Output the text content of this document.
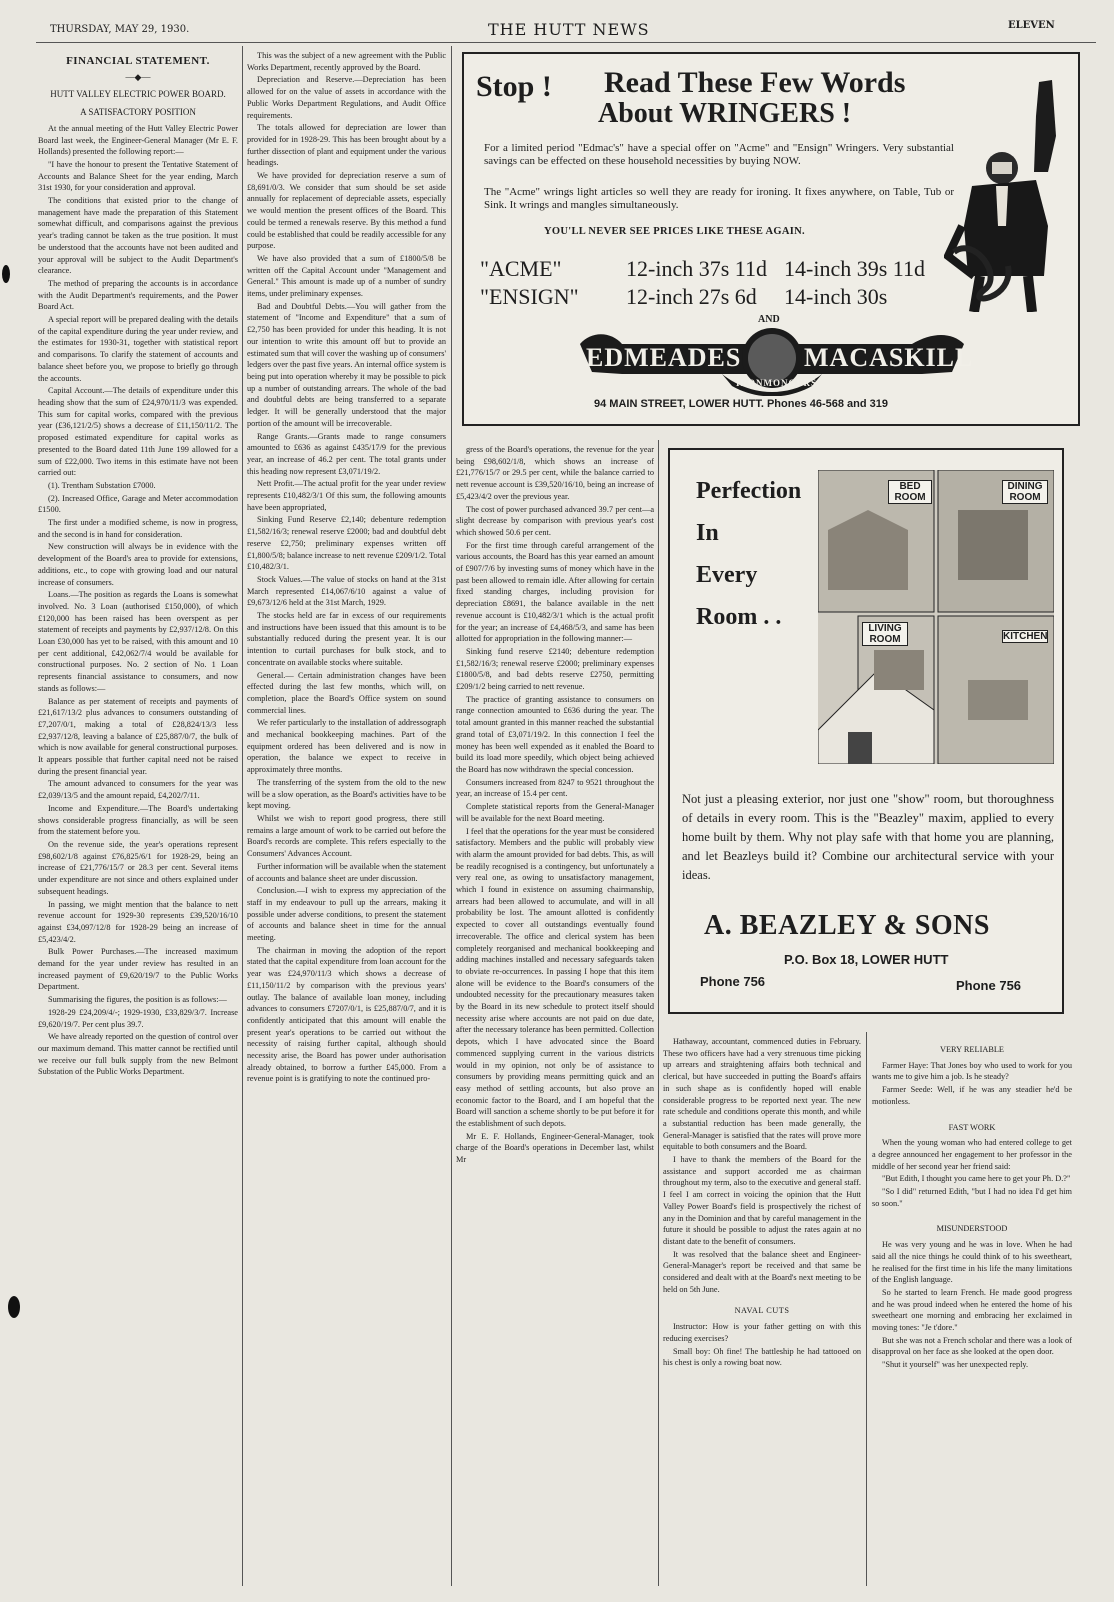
THURSDAY, MAY 29, 1930.	THE HUTT NEWS	ELEVEN
FINANCIAL STATEMENT.
—◆—
HUTT VALLEY ELECTRIC POWER BOARD.
A SATISFACTORY POSITION

At the annual meeting of the Hutt Valley Electric Power Board last week, the Engineer-General Manager (Mr E. F. Hollands) presented the following report:—

"I have the honour to present the Tentative Statement of Accounts and Balance Sheet for the year ending, March 31st 1930, for your consideration and approval.

The conditions that existed prior to the change of management have made the preparation of this Statement somewhat difficult, and comparisons against the previous year's trading cannot be taken as the true position. It must be understood that the accounts have not been audited and your approval will be subject to the Audit Department's clearance.

The method of preparing the accounts is in accordance with the Audit Department's requirements, and the Power Board Act.

A special report will be prepared dealing with the details of the capital expenditure during the year under review, and the estimates for 1930-31, together with statistical report and comparisons. To clarify the statement of accounts and balance sheet before you, we propose to briefly go through the accounts.

Capital Account.—The details of expenditure under this heading show that the sum of £24,970/11/3 was expended. This sum for capital works, compared with the previous year (£36,121/2/5) shows a decrease of £11,150/11/2. The proposed estimated expenditure for capital works as presented to the Board dated 11th June 199 allowed for a sum of £22,000. Two items in this estimate have not been carried out:

(1). Trentham Substation £7000.

(2). Increased Office, Garage and Meter accommodation £1500.

The first under a modified scheme, is now in progress, and the second is in hand for consideration.

New construction will always be in evidence with the development of the Board's area to provide for extensions, additions, etc., to cope with growing load and our natural increase of consumers.

Loans.—The position as regards the Loans is somewhat involved. No. 3 Loan (authorised £150,000), of which £120,000 has been raised has been overspent as per statement of receipts and payments by £2,937/12/8. On this Loan £30,000 has yet to be raised, with this amount and 10 per cent additional, £42,062/7/4 would be available for constructional purposes. No. 2 section of No. 1 Loan represents financial assistance to consumers, and now stands as follows:—

Balance as per statement of receipts and payments of £21,617/13/2 plus advances to consumers outstanding of £7,207/0/1, making a total of £28,824/13/3 less £2,937/12/8, leaving a balance of £25,887/0/7, the bulk of which is now available for general constructional purposes. It appears possible that further capital need not be raised during the present financial year.

The amount advanced to consumers for the year was £2,039/13/5 and the amount repaid, £4,202/7/11.

Income and Expenditure.—The Board's undertaking shows considerable progress financially, as will be seen from the statement before you.

On the revenue side, the year's operations represent £98,602/1/8 against £76,825/6/1 for 1928-29, being an increase of £21,776/15/7 or 28.3 per cent. Several items under expenditure are not since and others explained under subsequent headings.

In passing, we might mention that the balance to nett revenue account for 1929-30 represents £39,520/16/10 against £34,097/12/8 for 1928-29 being an increase of £5,423/4/2.

Bulk Power Purchases.—The increased maximum demand for the year under review has resulted in an increased payment of £9,620/19/7 to the Public Works Department.

Summarising the figures, the position is as follows:—

1928-29 £24,209/4/-; 1929-1930, £33,829/3/7. Increase £9,620/19/7. Per cent plus 39.7.

We have already reported on the question of control over our maximum demand. This matter cannot be rectified until we receive our full bulk supply from the new Belmont Substation of the Public Works Department.

This was the subject of a new agreement with the Public Works Department, recently approved by the Board.

Depreciation and Reserve.—Depreciation has been allowed for on the value of assets in accordance with the Public Works Department Regulations, and Audit Office requirements.

The totals allowed for depreciation are lower than provided for in 1928-29. This has been brought about by a further dissection of plant and equipment under the various headings.

We have provided for depreciation reserve a sum of £8,691/0/3. We consider that sum should be set aside annually for replacement of depreciable assets, especially we would mention the present offices of the Board. This could be termed a renewals reserve. By this method a fund could be established that could be readily accessible for any purpose.

We have also provided that a sum of £1800/5/8 be written off the Capital Account under "Management and General." This amount is made up of a number of sundry items, under preliminary expenses.

Bad and Doubtful Debts.—You will gather from the statement of "Income and Expenditure" that a sum of £2,750 has been provided for under this heading. It is not our intention to write this amount off but to provide an estimated sum that will cover the washing up of consumers' ledgers over the past five years. An internal office system is being put into operation whereby it may be possible to pick up a number of outstanding arrears. The whole of the bad and doubtful debts are being transferred to a separate ledger. It will be generally understood that the major portion of the amount will be irrecoverable.

Range Grants.—Grants made to range consumers amounted to £636 as against £435/17/9 for the previous year, an increase of 46.2 per cent. The total grants under this heading now represent £3,071/19/2.

Nett Profit.—The actual profit for the year under review represents £10,482/3/1 Of this sum, the following amounts have been appropriated,

Sinking Fund Reserve £2,140; debenture redemption £1,582/16/3; renewal reserve £2000; bad and doubtful debt reserve £2,750; preliminary expenses written off £1,800/5/8; balance increase to nett revenue £209/1/2. Total £10,482/3/1.

Stock Values.—The value of stocks on hand at the 31st March represented £14,067/6/10 against a value of £9,673/12/6 held at the 31st March, 1929.

The stocks held are far in excess of our requirements and instructions have been issued that this amount is to be substantially reduced during the present year. It is our intention to curtail purchases for bulk stock, and to concentrate on available stocks where suitable.

General.— Certain administration changes have been effected during the last few months, which will, on completion, place the Board's Office system on sound commercial lines.

We refer particularly to the installation of addressograph and mechanical bookkeeping machines. Part of the equipment ordered has been delivered and is now in operation, the balance we expect to receive in approximately three months.

The transferring of the system from the old to the new will be a slow operation, as the Board's activities have to be kept moving.

Whilst we wish to report good progress, there still remains a large amount of work to be carried out before the Board's records are complete. This refers especially to the Consumers' Advances Account.

Further information will be available when the statement of accounts and balance sheet are under discussion.

Conclusion.—I wish to express my appreciation of the staff in my endeavour to pull up the arrears, making it possible under adverse conditions, to present the statement of accounts and balance sheet in time for the annual meeting.

The chairman in moving the adoption of the report stated that the capital expenditure from loan account for the year was £24,970/11/3 which shows a decrease of £11,150/11/2 by comparison with the previous years' outlay. The balance of available loan money, including advances to consumers £7207/0/1, is £25,887/0/7, and it is confidently anticipated that this amount will enable the present year's operations to be carried out without the necessity of raising further capital, although should necessity arise, the Board has power under authorisation already obtained, to borrow a further £45,000. From a revenue point is is gratifying to note the continued pro-

Stop ! Read These Few Words
About WRINGERS !
For a limited period "Edmac's" have a special offer on "Acme" and "Ensign" Wringers. Very substantial savings can be effected on these household necessities by buying NOW.
The "Acme" wrings light articles so well they are ready for ironing. It fixes anywhere, on Table, Tub or Sink. It wrings and mangles simultaneously.
YOU'LL NEVER SEE PRICES LIKE THESE AGAIN.
"ACME"	12-inch 37s 11d 14-inch 39s 11d
"ENSIGN" 12-inch 27s 6d 14-inch 30s
AND
EDMEADES MACASKILL
IRONMONGERS
94 MAIN STREET, LOWER HUTT. Phones 46-568 and 319

gress of the Board's operations, the revenue for the year being £98,602/1/8, which shows an increase of £21,776/15/7 or 29.5 per cent, while the balance carried to nett revenue account is £39,520/16/10, being an increase of £5,423/4/2 over the previous year.

The cost of power purchased advanced 39.7 per cent—a slight decrease by comparison with previous year's cost which showed 50.6 per cent.

For the first time through careful arrangement of the various accounts, the Board has this year earned an amount of £907/7/6 by investing sums of money which have in the past been allowed to remain idle. After allowing for certain fixed standing charges, including provision for depreciation £8691, the balance available in the nett revenue account is £10,482/3/1 which is the actual profit for the year; an increase of £4,468/5/3, and same has been allotted for appropriation in the following manner:—

Sinking fund reserve £2140; debenture redemption £1,582/16/3; renewal reserve £2000; preliminary expenses £1800/5/8, and bad debts reserve £2750, permitting £209/1/2 being carried to nett revenue.

The practice of granting assistance to consumers on range connection amounted to £636 during the year. The total amount granted in this manner reached the substantial grand total of £3,071/19/2. In this connection I feel the money has been well expended as it enabled the Board to build its load more speedily, which object being achieved the Board has now withdrawn the special concession.

Consumers increased from 8247 to 9521 throughout the year, an increase of 15.4 per cent.

Complete statistical reports from the General-Manager will be available for the next Board meeting.

I feel that the operations for the year must be considered satisfactory. Members and the public will probably view with alarm the amount provided for bad debts. This, as will be readily recognised is a contingency, but unfortunately a very real one, as owing to unsatisfactory management, which I found in existence on assuming chairmanship, arrears had been allowed to accumulate, and will in all probability be lost. The amount allotted is confidently expected to cover all outstandings eventually found irrecoverable. The office and clerical system has been completely reorganised and mechanical bookkeeping and adding machines installed and necessary safeguards taken to obviate re-occurrences. In passing I hope that this item alone will be evidence to the Board's consumers of the undoubted necessity for the precautionary measures taken by the Board in its new schedule to protect itself should necessity arise where accounts are not paid on due date, after the necessary tolerance has been permitted. Collection depots, which I have advocated since the Board commenced supplying current in the various districts would in my opinion, not only be of assistance to consumers by providing means permitting quick and an easy method of settling accounts, but also prove an economic factor to the Board, and I am hopeful that the Board will sanction a scheme shortly to be put before it for the establishment of such depots.

Mr E. F. Hollands, Engineer-General-Manager, took charge of the Board's operations in December last, whilst Mr

Perfection
In
Every
Room . .
BED ROOM
DINING ROOM
LIVING ROOM	KITCHEN
Not just a pleasing exterior, nor just one "show" room, but thoroughness of details in every room. This is the "Beazley" maxim, applied to every home built by them. Why not play safe with that home you are planning, and let Beazleys build it? Combine our architectural service with your ideas.
A. BEAZLEY & SONS
P.O. Box 18, LOWER HUTT
Phone 756	Phone 756

Hathaway, accountant, commenced duties in February. These two officers have had a very strenuous time picking up arrears and straightening affairs both technical and clerical, but have succeeded in putting the Board's affairs in such shape as is confidently hoped will enable considerable progress to be reported next year. The new rate schedule and conditions operate this month, and while a substantial reduction has been made generally, the General-Manager is satisfied that the rates will prove more equitable to both consumers and the Board.

I have to thank the members of the Board for the assistance and support accorded me as chairman throughout my term, also to the executive and general staff. I feel I am correct in voicing the opinion that the Hutt Valley Power Board's field is prospectively the richest of any in the Dominion and that by careful management in the future it should be possible to adjust the rates again at no distant date to the benefit of consumers.

It was resolved that the balance sheet and Engineer-General-Manager's report be received and that same be considered and dealt with at the Board's next meeting to be held on 5th June.

NAVAL CUTS

Instructor: How is your father getting on with this reducing exercises?

Small boy: Oh fine! The battleship he had tattooed on his chest is only a rowing boat now.

VERY RELIABLE

Farmer Haye: That Jones boy who used to work for you wants me to give him a job. Is he steady?

Farmer Seede: Well, if he was any steadier he'd be motionless.

FAST WORK

When the young woman who had entered college to get a degree announced her engagement to her professor in the middle of her second year her friend said:

"But Edith, I thought you came here to get your Ph. D.?"

"So I did" returned Edith, "but I had no idea I'd get him so soon."

MISUNDERSTOOD

He was very young and he was in love. When he had said all the nice things he could think of to his sweetheart, he realised for the first time in his life the many limitations of the English language.

So he started to learn French. He made good progress and he was proud indeed when he entered the home of his sweetheart one morning and embracing her exclaimed in moving tones: "Je t'dore."

But she was not a French scholar and there was a look of disapproval on her face as she looked at the open door.

"Shut it yourself" was her unexpected reply.
